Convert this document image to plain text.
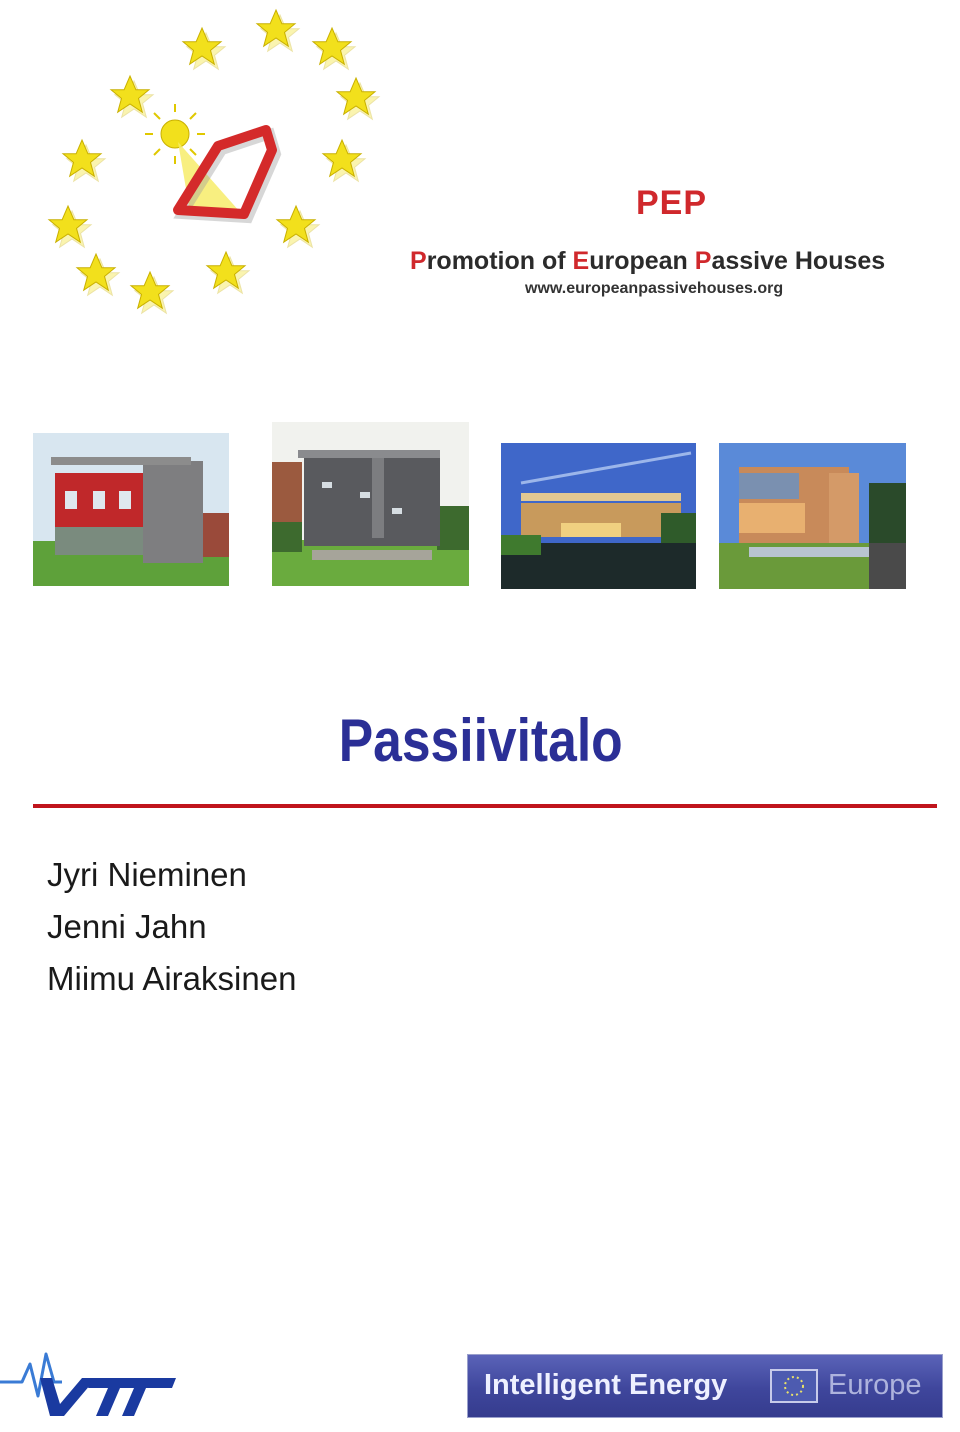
PEP
Promotion of European Passive Houses
www.europeanpassivehouses.org
Passiivitalo
Jyri Nieminen
Jenni Jahn
Miimu Airaksinen
Intelligent Energy	Europe
